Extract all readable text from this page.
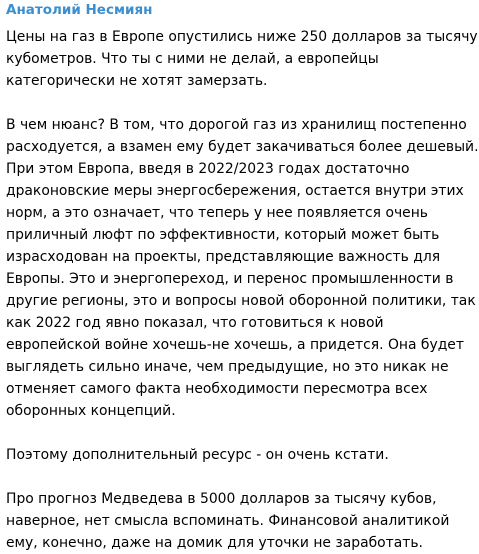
Анатолий Несмиян
Цены на газ в Европе опустились ниже 250 долларов за тысячу
кубометров. Что ты с ними не делай, а европейцы
категорически не хотят замерзать.
В чем нюанс? В том, что дорогой газ из хранилищ постепенно
расходуется, а взамен ему будет закачиваться более дешевый.
При этом Европа, введя в 2022/2023 годах достаточно
драконовские меры энергосбережения, остается внутри этих
норм, а это означает, что теперь у нее появляется очень
приличный люфт по эффективности, который может быть
израсходован на проекты, представляющие важность для
Европы. Это и энергопереход, и перенос промышленности в
другие регионы, это и вопросы новой оборонной политики, так
как 2022 год явно показал, что готовиться к новой
европейской войне хочешь-не хочешь, а придется. Она будет
выглядеть сильно иначе, чем предыдущие, но это никак не
отменяет самого факта необходимости пересмотра всех
оборонных концепций.
Поэтому дополнительный ресурс - он очень кстати.
Про прогноз Медведева в 5000 долларов за тысячу кубов,
наверное, нет смысла вспоминать. Финансовой аналитикой
ему, конечно, даже на домик для уточки не заработать.
